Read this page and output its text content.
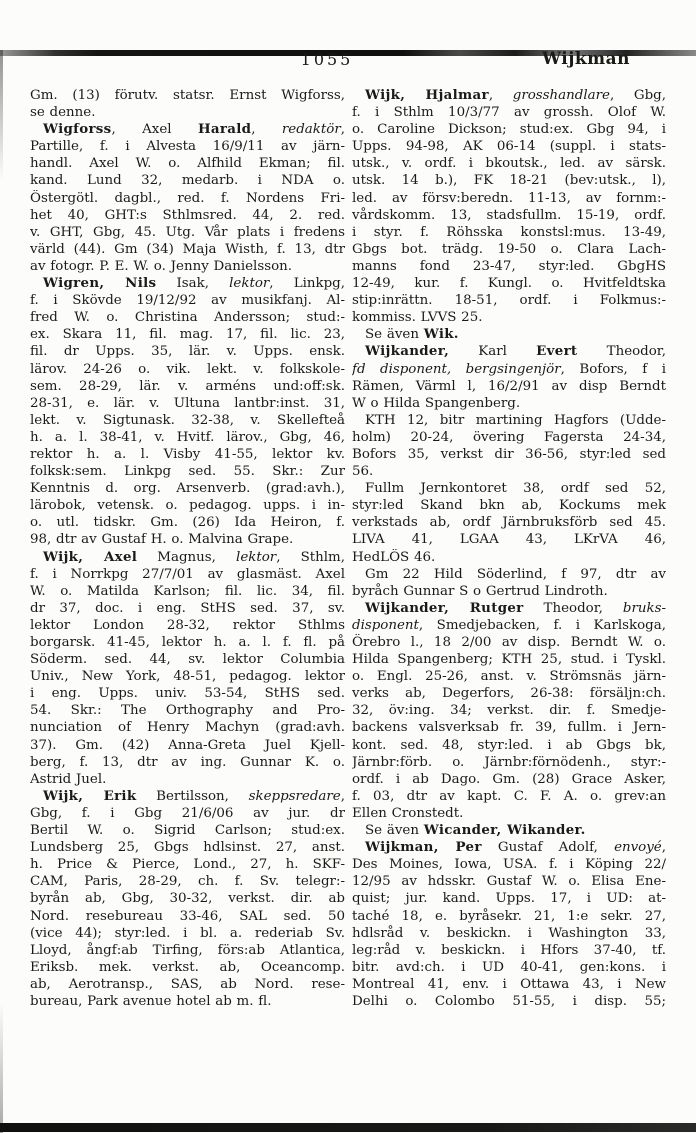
1055	Wijkman
Gm. (13) förutv. statsr. Ernst Wigforss,
se denne.
Wigforss, Axel Harald, redaktör,
Partille, f. i Alvesta 16/9/11 av järn-
handl. Axel W. o. Alfhild Ekman; fil.
kand. Lund 32, medarb. i NDA o.
Östergötl. dagbl., red. f. Nordens Fri-
het 40, GHT:s Sthlmsred. 44, 2. red.
v. GHT, Gbg, 45. Utg. Vår plats i fredens
värld (44). Gm (34) Maja Wisth, f. 13, dtr
av fotogr. P. E. W. o. Jenny Danielsson.
Wigren, Nils Isak, lektor, Linkpg,
f. i Skövde 19/12/92 av musikfanj. Al-
fred W. o. Christina Andersson; stud:-
ex. Skara 11, fil. mag. 17, fil. lic. 23,
fil. dr Upps. 35, lär. v. Upps. ensk.
lärov. 24-26 o. vik. lekt. v. folkskole-
sem. 28-29, lär. v. arméns und:off:sk.
28-31, e. lär. v. Ultuna lantbr:inst. 31,
lekt. v. Sigtunask. 32-38, v. Skellefteå
h. a. l. 38-41, v. Hvitf. lärov., Gbg, 46,
rektor h. a. l. Visby 41-55, lektor kv.
folksk:sem. Linkpg sed. 55. Skr.: Zur
Kenntnis d. org. Arsenverb. (grad:avh.),
lärobok, vetensk. o. pedagog. upps. i in-
o. utl. tidskr. Gm. (26) Ida Heiron, f.
98, dtr av Gustaf H. o. Malvina Grape.
Wijk, Axel Magnus, lektor, Sthlm,
f. i Norrkpg 27/7/01 av glasmäst. Axel
W. o. Matilda Karlson; fil. lic. 34, fil.
dr 37, doc. i eng. StHS sed. 37, sv.
lektor London 28-32, rektor Sthlms
borgarsk. 41-45, lektor h. a. l. f. fl. på
Söderm. sed. 44, sv. lektor Columbia
Univ., New York, 48-51, pedagog. lektor
i eng. Upps. univ. 53-54, StHS sed.
54. Skr.: The Orthography and Pro-
nunciation of Henry Machyn (grad:avh.
37). Gm. (42) Anna-Greta Juel Kjell-
berg, f. 13, dtr av ing. Gunnar K. o.
Astrid Juel.
Wijk, Erik Bertilsson, skeppsredare,
Gbg, f. i Gbg 21/6/06 av jur. dr
Bertil W. o. Sigrid Carlson; stud:ex.
Lundsberg 25, Gbgs hdlsinst. 27, anst.
h. Price & Pierce, Lond., 27, h. SKF-
CAM, Paris, 28-29, ch. f. Sv. telegr:-
byrån ab, Gbg, 30-32, verkst. dir. ab
Nord. resebureau 33-46, SAL sed. 50
(vice 44); styr:led. i bl. a. rederiab Sv.
Lloyd, ångf:ab Tirfing, förs:ab Atlantica,
Eriksb. mek. verkst. ab, Oceancomp.
ab, Aerotransp., SAS, ab Nord. rese-
bureau, Park avenue hotel ab m. fl.
Wijk, Hjalmar, grosshandlare, Gbg,
f. i Sthlm 10/3/77 av grossh. Olof W.
o. Caroline Dickson; stud:ex. Gbg 94, i
Upps. 94-98, AK 06-14 (suppl. i stats-
utsk., v. ordf. i bkoutsk., led. av särsk.
utsk. 14 b.), FK 18-21 (bev:utsk., l),
led. av försv:beredn. 11-13, av fornm:-
vårdskomm. 13, stadsfullm. 15-19, ordf.
i styr. f. Röhsska konstsl:mus. 13-49,
Gbgs bot. trädg. 19-50 o. Clara Lach-
manns fond 23-47, styr:led. GbgHS
12-49, kur. f. Kungl. o. Hvitfeldtska
stip:inrättn. 18-51, ordf. i Folkmus:-
kommiss. LVVS 25.
Se även Wik.
Wijkander, Karl Evert Theodor,
fd disponent, bergsingenjör, Bofors, f i
Rämen, Värml l, 16/2/91 av disp Berndt
W o Hilda Spangenberg.
KTH 12, bitr martining Hagfors (Udde-
holm) 20-24, övering Fagersta 24-34,
Bofors 35, verkst dir 36-56, styr:led sed
56.
Fullm Jernkontoret 38, ordf sed 52,
styr:led Skand bkn ab, Kockums mek
verkstads ab, ordf Järnbruksförb sed 45.
LIVA 41, LGAA 43, LKrVA 46,
HedLÖS 46.
Gm 22 Hild Söderlind, f 97, dtr av
byråch Gunnar S o Gertrud Lindroth.
Wijkander, Rutger Theodor, bruks-
disponent, Smedjebacken, f. i Karlskoga,
Örebro l., 18 2/00 av disp. Berndt W. o.
Hilda Spangenberg; KTH 25, stud. i Tyskl.
o. Engl. 25-26, anst. v. Strömsnäs järn-
verks ab, Degerfors, 26-38: försäljn:ch.
32, öv:ing. 34; verkst. dir. f. Smedje-
backens valsverksab fr. 39, fullm. i Jern-
kont. sed. 48, styr:led. i ab Gbgs bk,
Järnbr:förb. o. Järnbr:förnödenh., styr:-
ordf. i ab Dago. Gm. (28) Grace Asker,
f. 03, dtr av kapt. C. F. A. o. grev:an
Ellen Cronstedt.
Se även Wicander, Wikander.
Wijkman, Per Gustaf Adolf, envoyé,
Des Moines, Iowa, USA. f. i Köping 22/
12/95 av hdsskr. Gustaf W. o. Elisa Ene-
quist; jur. kand. Upps. 17, i UD: at-
taché 18, e. byråsekr. 21, 1:e sekr. 27,
hdlsråd v. beskickn. i Washington 33,
leg:råd v. beskickn. i Hfors 37-40, tf.
bitr. avd:ch. i UD 40-41, gen:kons. i
Montreal 41, env. i Ottawa 43, i New
Delhi o. Colombo 51-55, i disp. 55;
